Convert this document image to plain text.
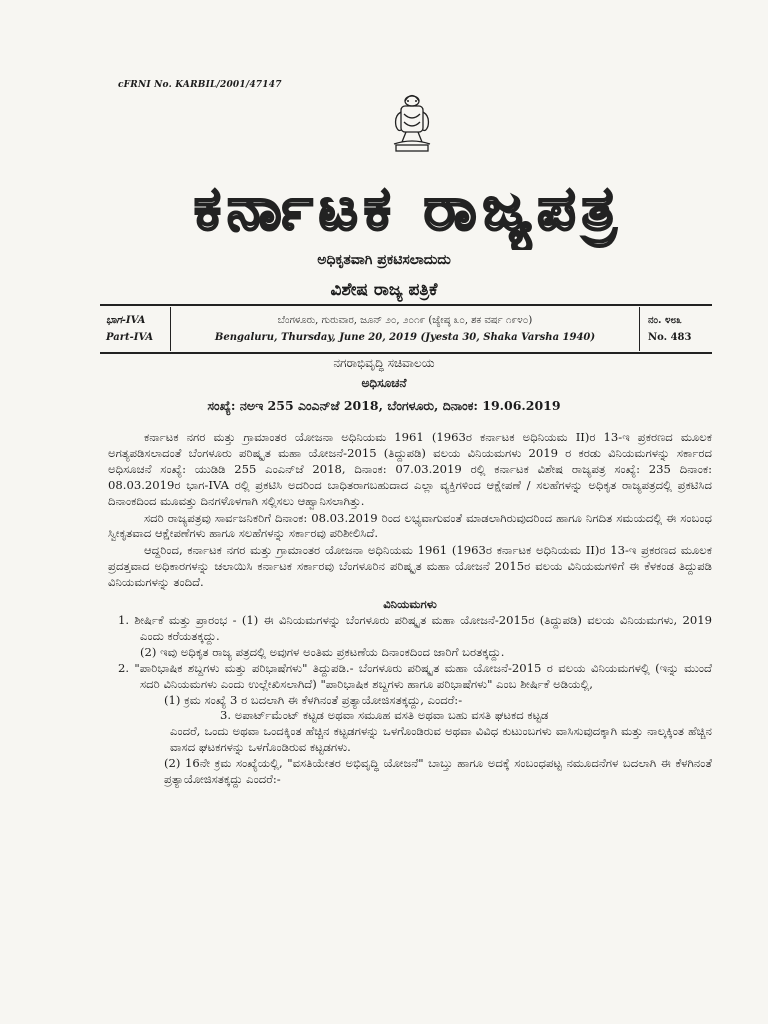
cFRNI No. KARBIL/2001/47147
ಕರ್ನಾಟಕ ರಾಜ್ಯಪತ್ರ
ಅಧಿಕೃತವಾಗಿ ಪ್ರಕಟಿಸಲಾದುದು
ವಿಶೇಷ ರಾಜ್ಯ ಪತ್ರಿಕೆ
ಭಾಗ-IVA
Part-IVA
ಬೆಂಗಳೂರು, ಗುರುವಾರ, ಜೂನ್ ೨೦, ೨೦೧೯ (ಜ್ಯೇಷ್ಠ ೩೦, ಶಕ ವರ್ಷ ೧೯೪೦)
Bengaluru, Thursday, June 20, 2019 (Jyesta 30, Shaka Varsha 1940)
ನಂ. ೪೮೩
No. 483
ನಗರಾಭಿವೃದ್ಧಿ ಸಚಿವಾಲಯ
ಅಧಿಸೂಚನೆ
ಸಂಖ್ಯೆ: ನಅಇ 255 ಎಂಎನ್‌ಜೆ 2018, ಬೆಂಗಳೂರು, ದಿನಾಂಕ: 19.06.2019

ಕರ್ನಾಟಕ ನಗರ ಮತ್ತು ಗ್ರಾಮಾಂತರ ಯೋಜನಾ ಅಧಿನಿಯಮ 1961 (1963ರ ಕರ್ನಾಟಕ ಅಧಿನಿಯಮ II)ರ 13-ಇ ಪ್ರಕರಣದ ಮೂಲಕ ಅಗತ್ಯಪಡಿಸಲಾದಂತೆ ಬೆಂಗಳೂರು ಪರಿಷ್ಕೃತ ಮಹಾ ಯೋಜನೆ-2015 (ತಿದ್ದುಪಡಿ) ವಲಯ ವಿನಿಯಮಗಳು 2019 ರ ಕರಡು ವಿನಿಯಮಗಳನ್ನು ಸರ್ಕಾರದ ಅಧಿಸೂಚನೆ ಸಂಖ್ಯೆ: ಯುಡಿಡಿ 255 ಎಂಎನ್‌ಜೆ 2018, ದಿನಾಂಕ: 07.03.2019 ರಲ್ಲಿ ಕರ್ನಾಟಕ ವಿಶೇಷ ರಾಜ್ಯಪತ್ರ ಸಂಖ್ಯೆ: 235 ದಿನಾಂಕ: 08.03.2019ರ ಭಾಗ-IVA ರಲ್ಲಿ ಪ್ರಕಟಿಸಿ ಅದರಿಂದ ಬಾಧಿತರಾಗಬಹುದಾದ ಎಲ್ಲಾ ವ್ಯಕ್ತಿಗಳಿಂದ ಆಕ್ಷೇಪಣೆ / ಸಲಹೆಗಳನ್ನು ಅಧಿಕೃತ ರಾಜ್ಯಪತ್ರದಲ್ಲಿ ಪ್ರಕಟಿಸಿದ ದಿನಾಂಕದಿಂದ ಮೂವತ್ತು ದಿನಗಳೊಳಗಾಗಿ ಸಲ್ಲಿಸಲು ಆಹ್ವಾನಿಸಲಾಗಿತ್ತು.

ಸದರಿ ರಾಜ್ಯಪತ್ರವು ಸಾರ್ವಜನಿಕರಿಗೆ ದಿನಾಂಕ: 08.03.2019 ರಿಂದ ಲಭ್ಯವಾಗುವಂತೆ ಮಾಡಲಾಗಿರುವುದರಿಂದ ಹಾಗೂ ನಿಗದಿತ ಸಮಯದಲ್ಲಿ ಈ ಸಂಬಂಧ ಸ್ವೀಕೃತವಾದ ಆಕ್ಷೇಪಣೆಗಳು ಹಾಗೂ ಸಲಹೆಗಳನ್ನು ಸರ್ಕಾರವು ಪರಿಶೀಲಿಸಿದೆ.

ಆದ್ದರಿಂದ, ಕರ್ನಾಟಕ ನಗರ ಮತ್ತು ಗ್ರಾಮಾಂತರ ಯೋಜನಾ ಅಧಿನಿಯಮ 1961 (1963ರ ಕರ್ನಾಟಕ ಅಧಿನಿಯಮ II)ರ 13-ಇ ಪ್ರಕರಣದ ಮೂಲಕ ಪ್ರದತ್ತವಾದ ಅಧಿಕಾರಗಳನ್ನು ಚಲಾಯಿಸಿ ಕರ್ನಾಟಕ ಸರ್ಕಾರವು ಬೆಂಗಳೂರಿನ ಪರಿಷ್ಕೃತ ಮಹಾ ಯೋಜನೆ 2015ರ ವಲಯ ವಿನಿಯಮಗಳಿಗೆ ಈ ಕೆಳಕಂಡ ತಿದ್ದುಪಡಿ ವಿನಿಯಮಗಳನ್ನು ತಂದಿದೆ.

ವಿನಿಯಮಗಳು

1. ಶೀರ್ಷಿಕೆ ಮತ್ತು ಪ್ರಾರಂಭ - (1) ಈ ವಿನಿಯಮಗಳನ್ನು ಬೆಂಗಳೂರು ಪರಿಷ್ಕೃತ ಮಹಾ ಯೋಜನೆ-2015ರ (ತಿದ್ದುಪಡಿ) ವಲಯ ವಿನಿಯಮಗಳು, 2019 ಎಂದು ಕರೆಯತಕ್ಕದ್ದು.

(2) ಇವು ಅಧಿಕೃತ ರಾಜ್ಯ ಪತ್ರದಲ್ಲಿ ಅವುಗಳ ಅಂತಿಮ ಪ್ರಕಟಣೆಯ ದಿನಾಂಕದಿಂದ ಜಾರಿಗೆ ಬರತಕ್ಕದ್ದು.

2. "ಪಾರಿಭಾಷಿಕ ಶಬ್ದಗಳು ಮತ್ತು ಪರಿಭಾಷೆಗಳು" ತಿದ್ದುಪಡಿ.- ಬೆಂಗಳೂರು ಪರಿಷ್ಕೃತ ಮಹಾ ಯೋಜನೆ-2015 ರ ವಲಯ ವಿನಿಯಮಗಳಲ್ಲಿ (ಇನ್ನು ಮುಂದೆ ಸದರಿ ವಿನಿಯಮಗಳು ಎಂದು ಉಲ್ಲೇಖಿಸಲಾಗಿದೆ) "ಪಾರಿಭಾಷಿಕ ಶಬ್ದಗಳು ಹಾಗೂ ಪರಿಭಾಷೆಗಳು" ಎಂಬ ಶೀರ್ಷಿಕೆ ಅಡಿಯಲ್ಲಿ,

(1) ಕ್ರಮ ಸಂಖ್ಯೆ 3 ರ ಬದಲಾಗಿ ಈ ಕೆಳಗಿನಂತೆ ಪ್ರತ್ಯಾಯೋಜಿಸತಕ್ಕದ್ದು, ಎಂದರೆ:-

3. ಅಪಾರ್ಟ್‌ಮೆಂಟ್ ಕಟ್ಟಡ ಅಥವಾ ಸಮೂಹ ವಸತಿ ಅಥವಾ ಬಹು ವಸತಿ ಘಟಕದ ಕಟ್ಟಡ

ಎಂದರೆ, ಒಂದು ಅಥವಾ ಒಂದಕ್ಕಿಂತ ಹೆಚ್ಚಿನ ಕಟ್ಟಡಗಳನ್ನು ಒಳಗೊಂಡಿರುವ ಅಥವಾ ವಿವಿಧ ಕುಟುಂಬಗಳು ವಾಸಿಸುವುದಕ್ಕಾಗಿ ಮತ್ತು ನಾಲ್ಕಕ್ಕಿಂತ ಹೆಚ್ಚಿನ ವಾಸದ ಘಟಕಗಳನ್ನು ಒಳಗೊಂಡಿರುವ ಕಟ್ಟಡಗಳು.

(2) 16ನೇ ಕ್ರಮ ಸಂಖ್ಯೆಯಲ್ಲಿ, "ವಸತಿಯೇತರ ಅಭಿವೃದ್ಧಿ ಯೋಜನೆ" ಬಾಬ್ತು ಹಾಗೂ ಅದಕ್ಕೆ ಸಂಬಂಧಪಟ್ಟ ನಮೂದನೆಗಳ ಬದಲಾಗಿ ಈ ಕೆಳಗಿನಂತೆ ಪ್ರತ್ಯಾಯೋಜಿಸತಕ್ಕದ್ದು ಎಂದರೆ:-
